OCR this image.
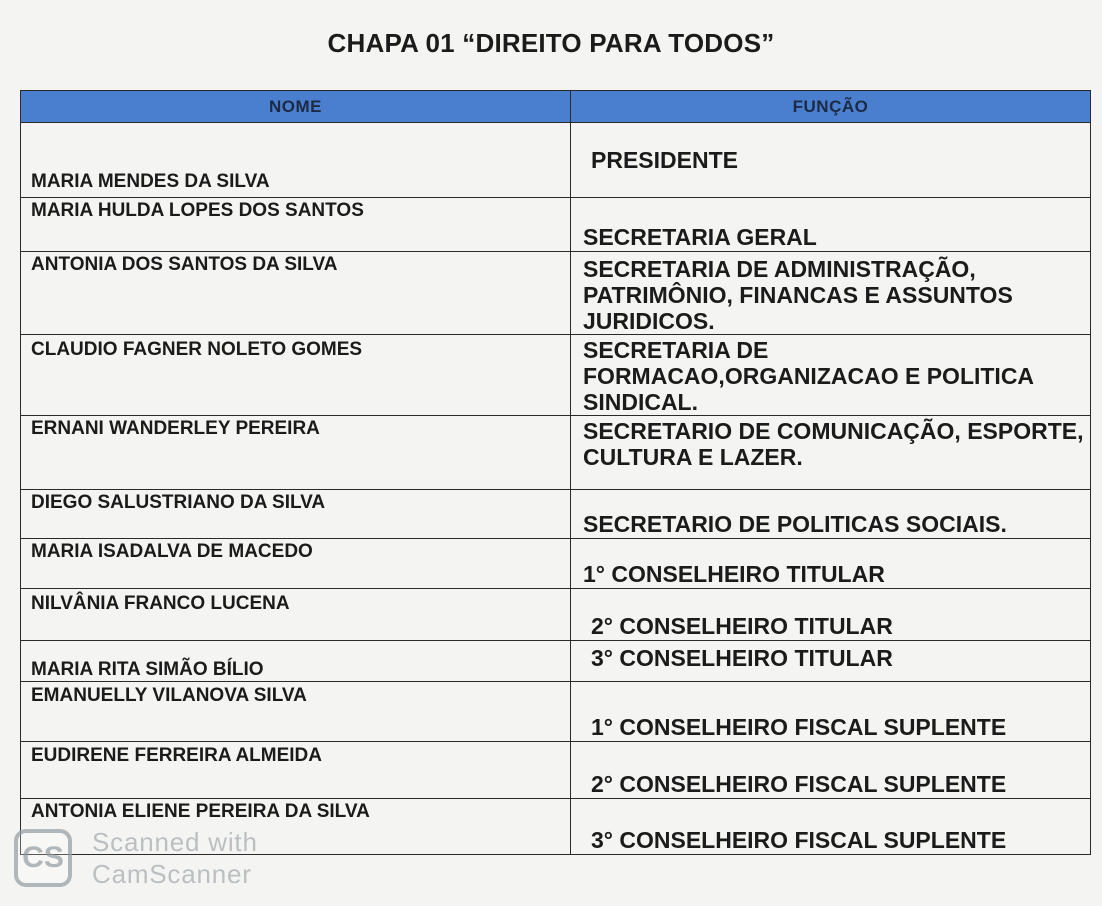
CHAPA 01 “DIREITO PARA TODOS”
NOME	FUNÇÃO
MARIA MENDES DA SILVA	PRESIDENTE
MARIA HULDA LOPES DOS SANTOS	SECRETARIA GERAL
ANTONIA DOS SANTOS DA SILVA	SECRETARIA DE ADMINISTRAÇÃO, PATRIMÔNIO, FINANCAS E ASSUNTOS JURIDICOS.
CLAUDIO FAGNER NOLETO GOMES	SECRETARIA DE FORMACAO,ORGANIZACAO E POLITICA SINDICAL.
ERNANI WANDERLEY PEREIRA	SECRETARIO DE COMUNICAÇÃO, ESPORTE, CULTURA E LAZER.
DIEGO SALUSTRIANO DA SILVA	SECRETARIO DE POLITICAS SOCIAIS.
MARIA ISADALVA DE MACEDO	1° CONSELHEIRO TITULAR
NILVÂNIA FRANCO LUCENA	2° CONSELHEIRO TITULAR
MARIA RITA SIMÃO BÍLIO	3° CONSELHEIRO TITULAR
EMANUELLY VILANOVA SILVA	1° CONSELHEIRO FISCAL SUPLENTE
EUDIRENE FERREIRA ALMEIDA	2° CONSELHEIRO FISCAL SUPLENTE
ANTONIA ELIENE PEREIRA DA SILVA	3° CONSELHEIRO FISCAL SUPLENTE
CS	Scanned with
CamScanner
